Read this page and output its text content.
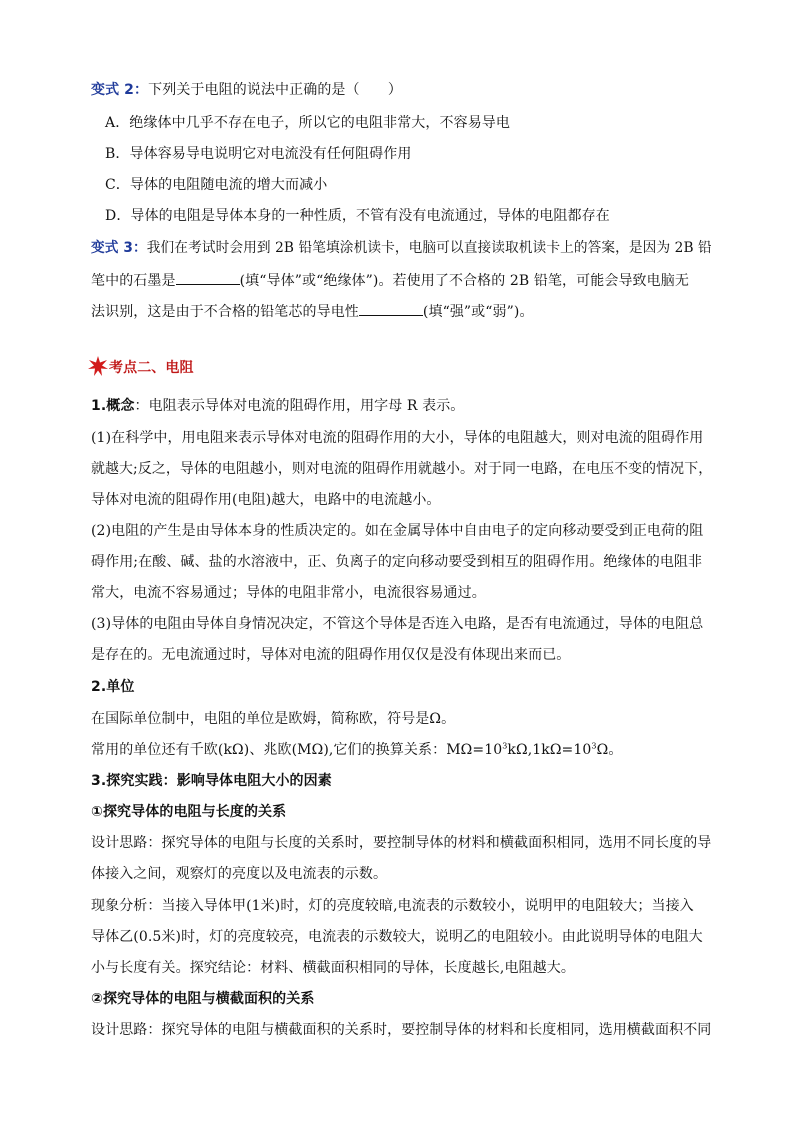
变式 2：下列关于电阻的说法中正确的是（　　）
A．绝缘体中几乎不存在电子，所以它的电阻非常大，不容易导电
B．导体容易导电说明它对电流没有任何阻碍作用
C．导体的电阻随电流的增大而减小
D．导体的电阻是导体本身的一种性质，不管有没有电流通过，导体的电阻都存在
变式 3：我们在考试时会用到 2B 铅笔填涂机读卡，电脑可以直接读取机读卡上的答案，是因为 2B 铅
笔中的石墨是	(填“导体”或“绝缘体”)。若使用了不合格的 2B 铅笔，可能会导致电脑无
法识别，这是由于不合格的铅笔芯的导电性	(填“强”或“弱”)。
考点二、电阻
1.概念：电阻表示导体对电流的阻碍作用，用字母 R 表示。
(1)在科学中，用电阻来表示导体对电流的阻碍作用的大小，导体的电阻越大，则对电流的阻碍作用
就越大;反之，导体的电阻越小，则对电流的阻碍作用就越小。对于同一电路，在电压不变的情况下，
导体对电流的阻碍作用(电阻)越大，电路中的电流越小。
(2)电阻的产生是由导体本身的性质决定的。如在金属导体中自由电子的定向移动要受到正电荷的阻
碍作用;在酸、碱、盐的水溶液中，正、负离子的定向移动要受到相互的阻碍作用。绝缘体的电阻非
常大，电流不容易通过；导体的电阻非常小，电流很容易通过。
(3)导体的电阻由导体自身情况决定，不管这个导体是否连入电路，是否有电流通过，导体的电阻总
是存在的。无电流通过时，导体对电流的阻碍作用仅仅是没有体现出来而已。
2.单位
在国际单位制中，电阻的单位是欧姆，简称欧，符号是Ω。
常用的单位还有千欧(kΩ)、兆欧(MΩ),它们的换算关系：$M\Omega=10^3k\Omega,1k\Omega=10^3\Omega$。
3.探究实践：影响导体电阻大小的因素
①探究导体的电阻与长度的关系
设计思路：探究导体的电阻与长度的关系时，要控制导体的材料和横截面积相同，选用不同长度的导
体接入之间，观察灯的亮度以及电流表的示数。
现象分析：当接入导体甲(1米)时，灯的亮度较暗,电流表的示数较小，说明甲的电阻较大；当接入
导体乙(0.5米)时，灯的亮度较亮，电流表的示数较大，说明乙的电阻较小。由此说明导体的电阻大
小与长度有关。探究结论：材料、横截面积相同的导体，长度越长,电阻越大。
②探究导体的电阻与横截面积的关系
设计思路：探究导体的电阻与横截面积的关系时，要控制导体的材料和长度相同，选用横截面积不同
